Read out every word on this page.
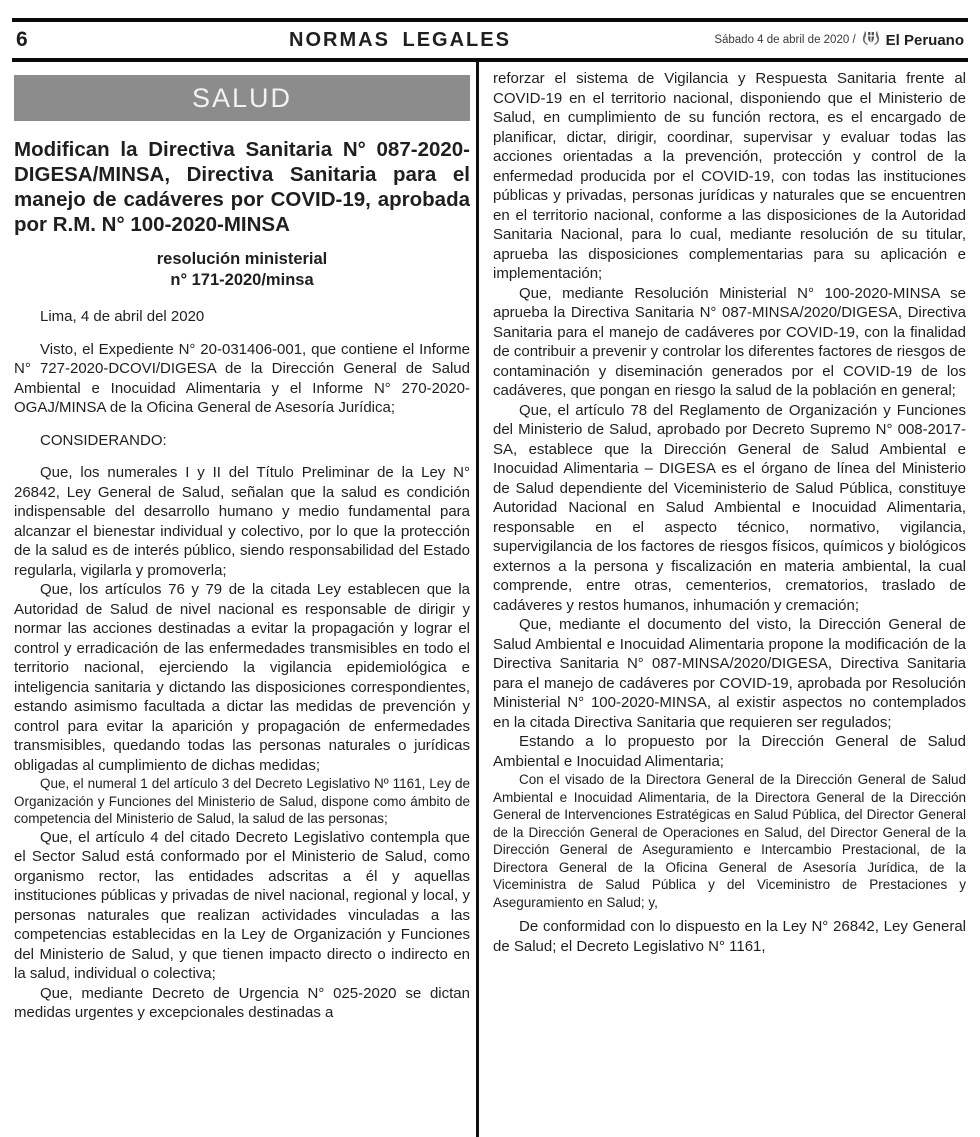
6	NORMAS LEGALES	Sábado 4 de abril de 2020 / El Peruano
SALUD
Modifican la Directiva Sanitaria N° 087-2020-DIGESA/MINSA, Directiva Sanitaria para el manejo de cadáveres por COVID-19, aprobada por R.M. N° 100-2020-MINSA
resolución ministerial
n° 171-2020/minsa

Lima, 4 de abril del 2020

Visto, el Expediente N° 20-031406-001, que contiene el Informe N° 727-2020-DCOVI/DIGESA de la Dirección General de Salud Ambiental e Inocuidad Alimentaria y el Informe N° 270-2020-OGAJ/MINSA de la Oficina General de Asesoría Jurídica;

CONSIDERANDO:

Que, los numerales I y II del Título Preliminar de la Ley N° 26842, Ley General de Salud, señalan que la salud es condición indispensable del desarrollo humano y medio fundamental para alcanzar el bienestar individual y colectivo, por lo que la protección de la salud es de interés público, siendo responsabilidad del Estado regularla, vigilarla y promoverla;

Que, los artículos 76 y 79 de la citada Ley establecen que la Autoridad de Salud de nivel nacional es responsable de dirigir y normar las acciones destinadas a evitar la propagación y lograr el control y erradicación de las enfermedades transmisibles en todo el territorio nacional, ejerciendo la vigilancia epidemiológica e inteligencia sanitaria y dictando las disposiciones correspondientes, estando asimismo facultada a dictar las medidas de prevención y control para evitar la aparición y propagación de enfermedades transmisibles, quedando todas las personas naturales o jurídicas obligadas al cumplimiento de dichas medidas;

Que, el numeral 1 del artículo 3 del Decreto Legislativo Nº 1161, Ley de Organización y Funciones del Ministerio de Salud, dispone como ámbito de competencia del Ministerio de Salud, la salud de las personas;

Que, el artículo 4 del citado Decreto Legislativo contempla que el Sector Salud está conformado por el Ministerio de Salud, como organismo rector, las entidades adscritas a él y aquellas instituciones públicas y privadas de nivel nacional, regional y local, y personas naturales que realizan actividades vinculadas a las competencias establecidas en la Ley de Organización y Funciones del Ministerio de Salud, y que tienen impacto directo o indirecto en la salud, individual o colectiva;

Que, mediante Decreto de Urgencia N° 025-2020 se dictan medidas urgentes y excepcionales destinadas a

reforzar el sistema de Vigilancia y Respuesta Sanitaria frente al COVID-19 en el territorio nacional, disponiendo que el Ministerio de Salud, en cumplimiento de su función rectora, es el encargado de planificar, dictar, dirigir, coordinar, supervisar y evaluar todas las acciones orientadas a la prevención, protección y control de la enfermedad producida por el COVID-19, con todas las instituciones públicas y privadas, personas jurídicas y naturales que se encuentren en el territorio nacional, conforme a las disposiciones de la Autoridad Sanitaria Nacional, para lo cual, mediante resolución de su titular, aprueba las disposiciones complementarias para su aplicación e implementación;

Que, mediante Resolución Ministerial N° 100-2020-MINSA se aprueba la Directiva Sanitaria N° 087-MINSA/2020/DIGESA, Directiva Sanitaria para el manejo de cadáveres por COVID-19, con la finalidad de contribuir a prevenir y controlar los diferentes factores de riesgos de contaminación y diseminación generados por el COVID-19 de los cadáveres, que pongan en riesgo la salud de la población en general;

Que, el artículo 78 del Reglamento de Organización y Funciones del Ministerio de Salud, aprobado por Decreto Supremo N° 008-2017-SA, establece que la Dirección General de Salud Ambiental e Inocuidad Alimentaria – DIGESA es el órgano de línea del Ministerio de Salud dependiente del Viceministerio de Salud Pública, constituye Autoridad Nacional en Salud Ambiental e Inocuidad Alimentaria, responsable en el aspecto técnico, normativo, vigilancia, supervigilancia de los factores de riesgos físicos, químicos y biológicos externos a la persona y fiscalización en materia ambiental, la cual comprende, entre otras, cementerios, crematorios, traslado de cadáveres y restos humanos, inhumación y cremación;

Que, mediante el documento del visto, la Dirección General de Salud Ambiental e Inocuidad Alimentaria propone la modificación de la Directiva Sanitaria N° 087-MINSA/2020/DIGESA, Directiva Sanitaria para el manejo de cadáveres por COVID-19, aprobada por Resolución Ministerial N° 100-2020-MINSA, al existir aspectos no contemplados en la citada Directiva Sanitaria que requieren ser regulados;

Estando a lo propuesto por la Dirección General de Salud Ambiental e Inocuidad Alimentaria;

Con el visado de la Directora General de la Dirección General de Salud Ambiental e Inocuidad Alimentaria, de la Directora General de la Dirección General de Intervenciones Estratégicas en Salud Pública, del Director General de la Dirección General de Operaciones en Salud, del Director General de la Dirección General de Aseguramiento e Intercambio Prestacional, de la Directora General de la Oficina General de Asesoría Jurídica, de la Viceministra de Salud Pública y del Viceministro de Prestaciones y Aseguramiento en Salud; y,

De conformidad con lo dispuesto en la Ley N° 26842, Ley General de Salud; el Decreto Legislativo N° 1161,
